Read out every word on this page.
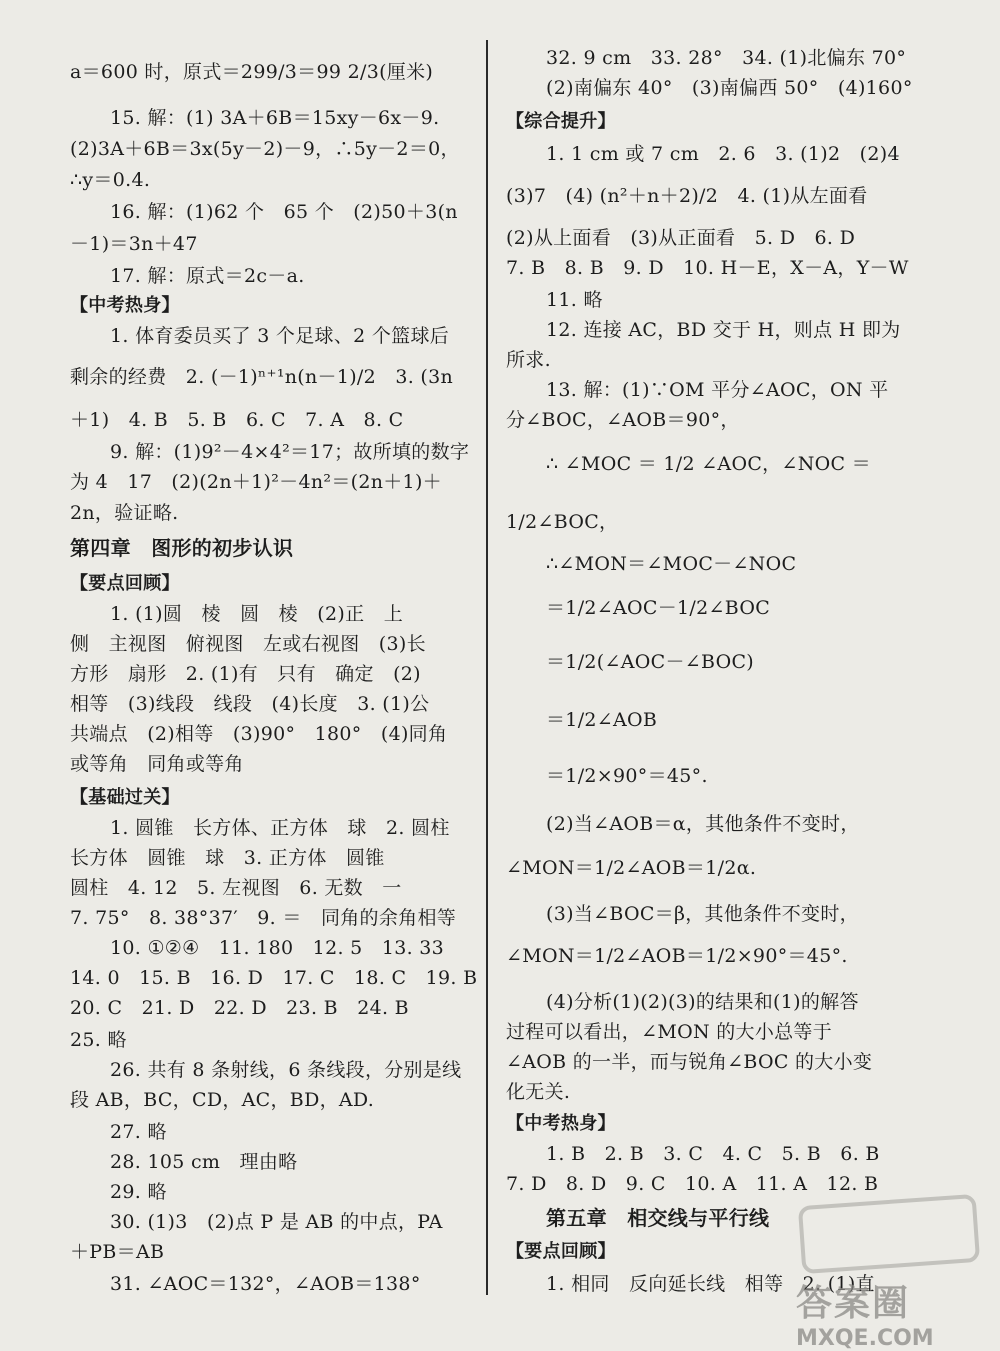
a＝600 时，原式＝299/3＝99 2/3(厘米)
15. 解：(1) 3A＋6B＝15xy－6x－9.
(2)3A＋6B＝3x(5y－2)－9，∴5y－2＝0，
∴y＝0.4.
16. 解：(1)62 个　65 个　(2)50＋3(n
－1)＝3n＋47
17. 解：原式＝2c－a.
【中考热身】
1. 体育委员买了 3 个足球、2 个篮球后
剩余的经费　2. (－1)ⁿ⁺¹n(n－1)/2　3. (3n
＋1)　4. B　5. B　6. C　7. A　8. C
9. 解：(1)9²－4×4²＝17；故所填的数字
为 4　17　(2)(2n＋1)²－4n²＝(2n＋1)＋
2n，验证略.
第四章　图形的初步认识
【要点回顾】
1. (1)圆　棱　圆　棱　(2)正　上
侧　主视图　俯视图　左或右视图　(3)长
方形　扇形　2. (1)有　只有　确定　(2)
相等　(3)线段　线段　(4)长度　3. (1)公
共端点　(2)相等　(3)90°　180°　(4)同角
或等角　同角或等角
【基础过关】
1. 圆锥　长方体、正方体　球　2. 圆柱
长方体　圆锥　球　3. 正方体　圆锥
圆柱　4. 12　5. 左视图　6. 无数　一
7. 75°　8. 38°37′　9. ＝　同角的余角相等
10. ①②④　11. 180　12. 5　13. 33
14. 0　15. B　16. D　17. C　18. C　19. B
20. C　21. D　22. D　23. B　24. B
25. 略
26. 共有 8 条射线，6 条线段，分别是线
段 AB，BC，CD，AC，BD，AD.
27. 略
28. 105 cm　理由略
29. 略
30. (1)3　(2)点 P 是 AB 的中点，PA
＋PB＝AB
31. ∠AOC＝132°，∠AOB＝138°
32. 9 cm　33. 28°　34. (1)北偏东 70°
(2)南偏东 40°　(3)南偏西 50°　(4)160°
【综合提升】
1. 1 cm 或 7 cm　2. 6　3. (1)2　(2)4
(3)7　(4) (n²＋n＋2)/2　4. (1)从左面看
(2)从上面看　(3)从正面看　5. D　6. D
7. B　8. B　9. D　10. H－E，X－A，Y－W
11. 略
12. 连接 AC，BD 交于 H，则点 H 即为
所求.
13. 解：(1)∵OM 平分∠AOC，ON 平
分∠BOC，∠AOB＝90°，
∴ ∠MOC ＝ 1/2 ∠AOC，∠NOC ＝
1/2∠BOC，
∴∠MON＝∠MOC－∠NOC
＝1/2∠AOC－1/2∠BOC
＝1/2(∠AOC－∠BOC)
＝1/2∠AOB
＝1/2×90°＝45°.
(2)当∠AOB＝α，其他条件不变时，
∠MON＝1/2∠AOB＝1/2α.
(3)当∠BOC＝β，其他条件不变时，
∠MON＝1/2∠AOB＝1/2×90°＝45°.
(4)分析(1)(2)(3)的结果和(1)的解答
过程可以看出，∠MON 的大小总等于
∠AOB 的一半，而与锐角∠BOC 的大小变
化无关.
【中考热身】
1. B　2. B　3. C　4. C　5. B　6. B
7. D　8. D　9. C　10. A　11. A　12. B
第五章　相交线与平行线
【要点回顾】
1. 相同　反向延长线　相等　2. (1)直
答案圈
MXQE.COM
